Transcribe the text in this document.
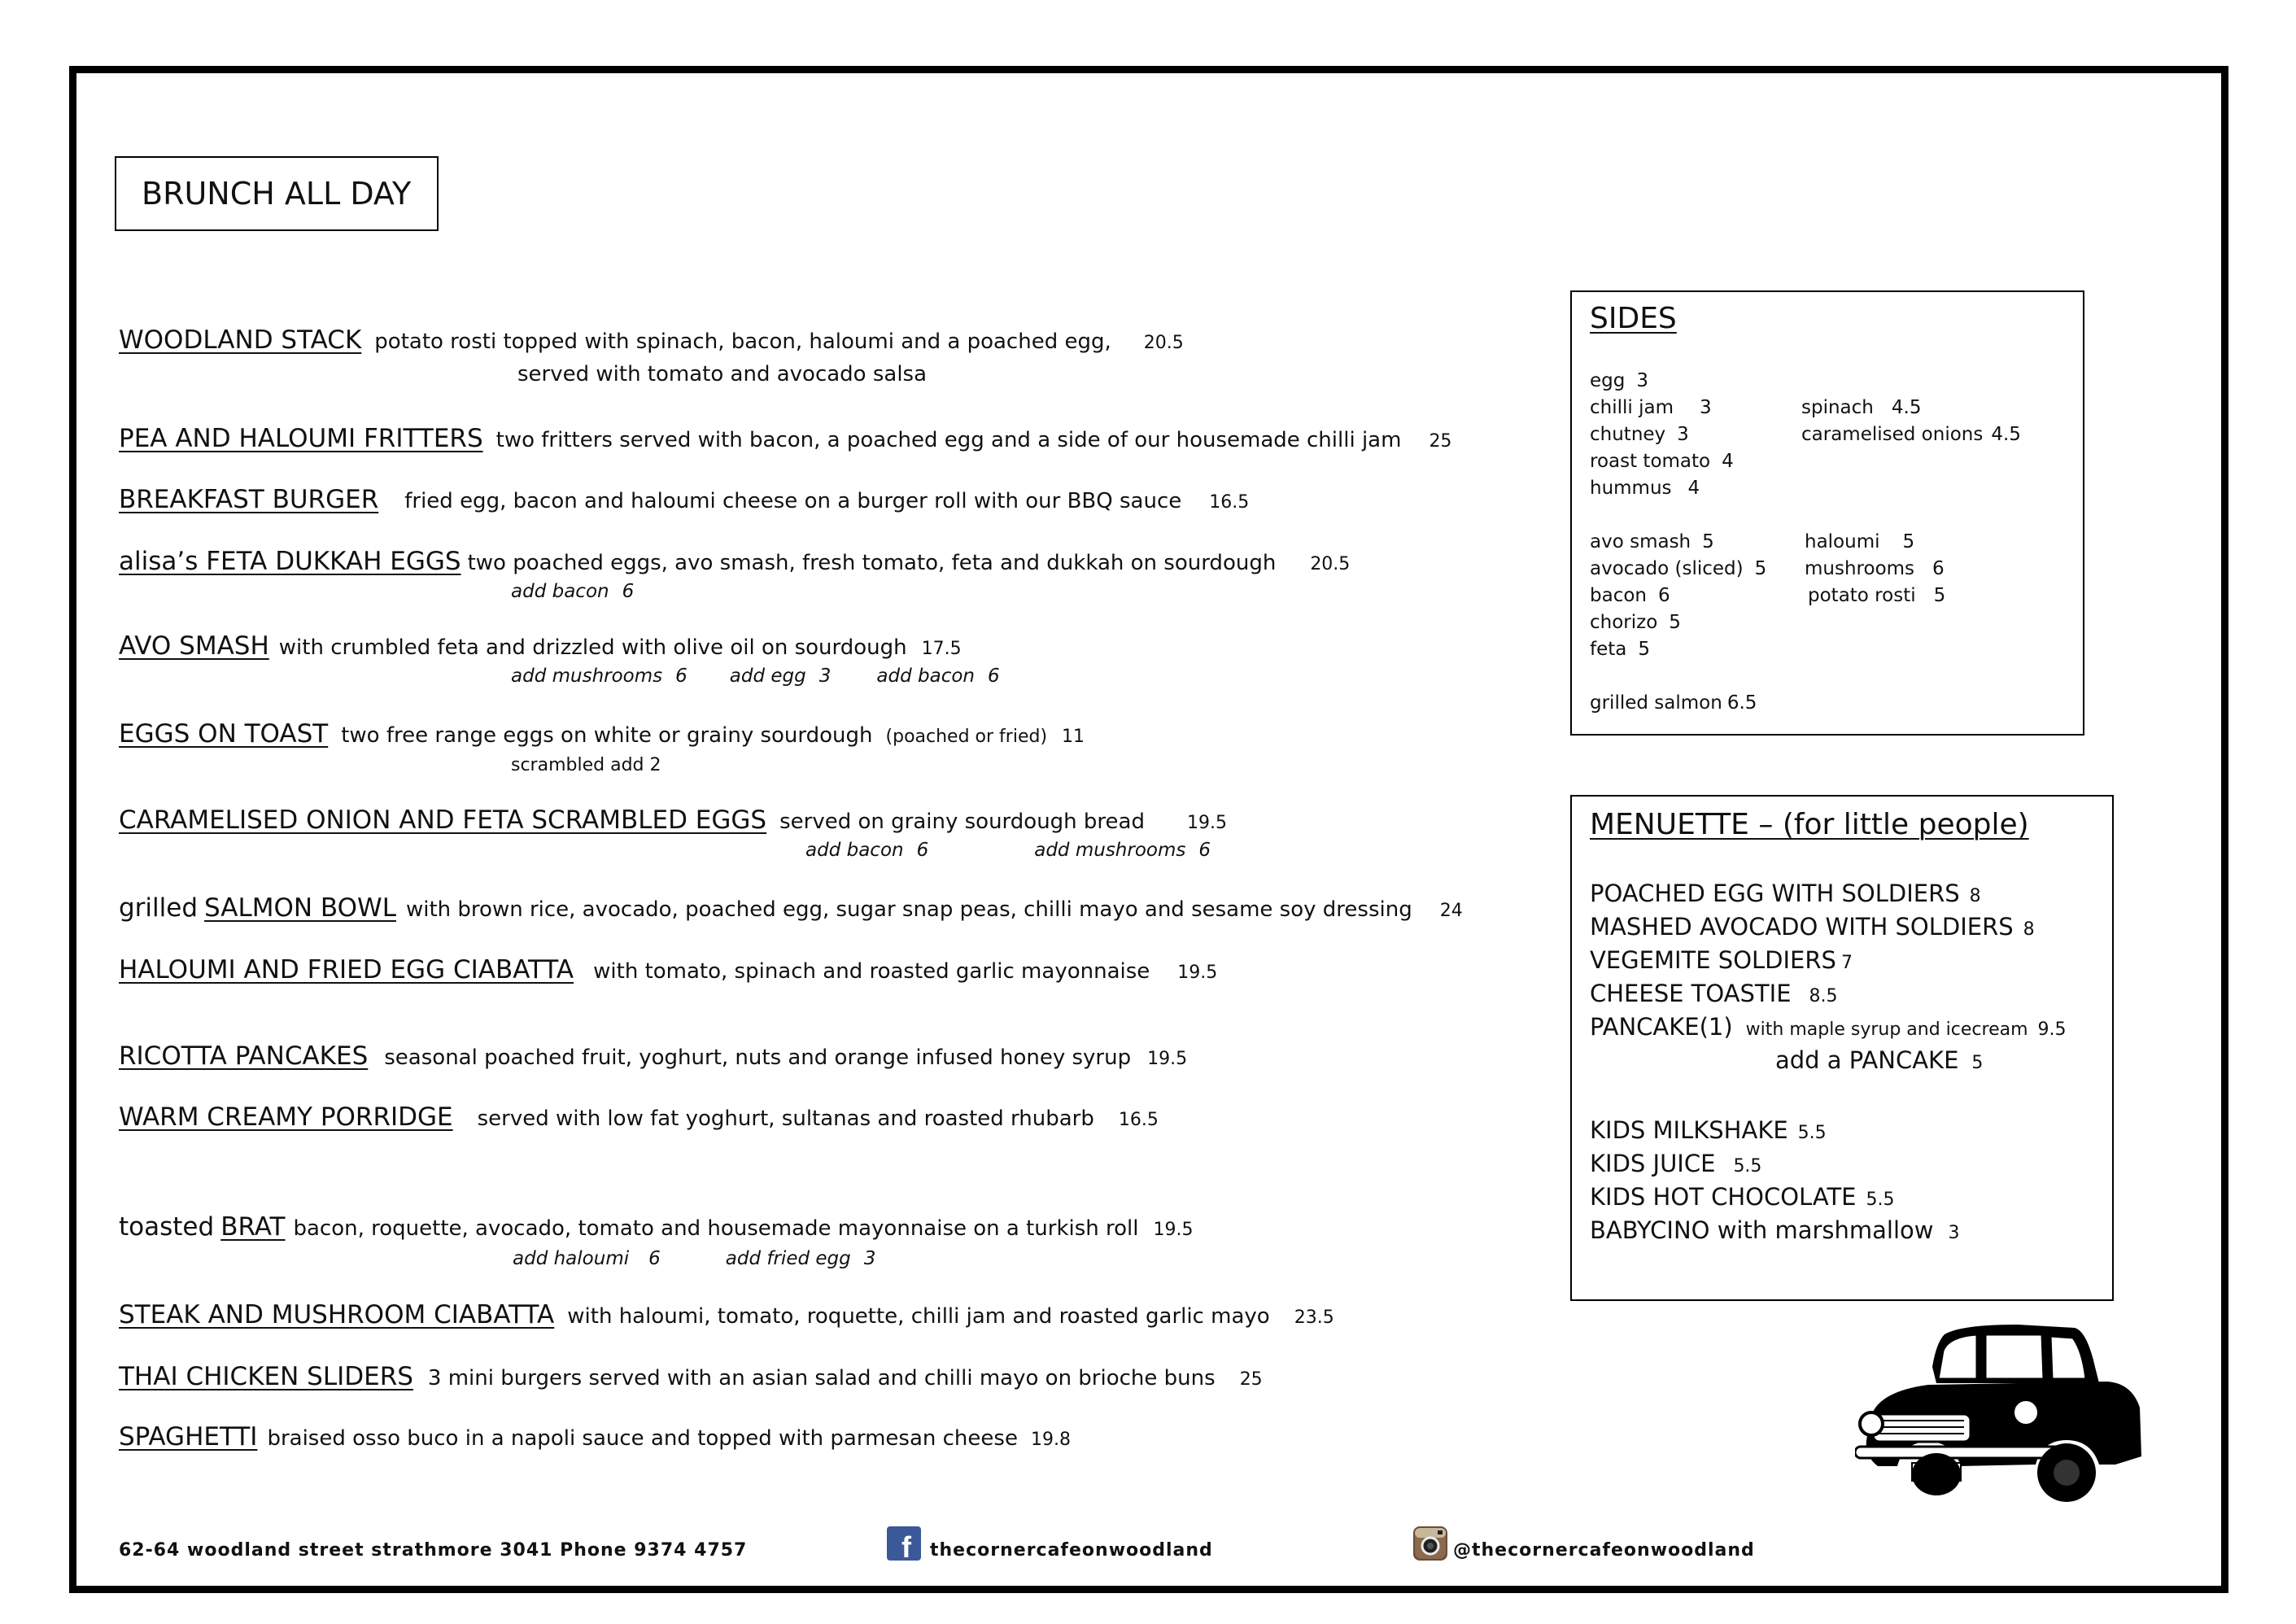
BRUNCH ALL DAY
WOODLAND STACK potato rosti topped with spinach, bacon, haloumi and a poached egg, 20.5
served with tomato and avocado salsa
PEA AND HALOUMI FRITTERS two fritters served with bacon, a poached egg and a side of our housemade chilli jam 25
BREAKFAST BURGER fried egg, bacon and haloumi cheese on a burger roll with our BBQ sauce 16.5
alisa’s FETA DUKKAH EGGS two poached eggs, avo smash, fresh tomato, feta and dukkah on sourdough 20.5
add bacon 6
AVO SMASH with crumbled feta and drizzled with olive oil on sourdough 17.5
add mushrooms 6 add egg 3 add bacon 6
EGGS ON TOAST two free range eggs on white or grainy sourdough (poached or fried) 11
scrambled add 2
CARAMELISED ONION AND FETA SCRAMBLED EGGS served on grainy sourdough bread 19.5
add bacon 6	add mushrooms 6
grilled SALMON BOWL with brown rice, avocado, poached egg, sugar snap peas, chilli mayo and sesame soy dressing 24
HALOUMI AND FRIED EGG CIABATTA with tomato, spinach and roasted garlic mayonnaise 19.5
RICOTTA PANCAKES seasonal poached fruit, yoghurt, nuts and orange infused honey syrup 19.5
WARM CREAMY PORRIDGE served with low fat yoghurt, sultanas and roasted rhubarb 16.5
toasted BRAT bacon, roquette, avocado, tomato and housemade mayonnaise on a turkish roll 19.5
add haloumi 6	add fried egg 3
STEAK AND MUSHROOM CIABATTA with haloumi, tomato, roquette, chilli jam and roasted garlic mayo 23.5
THAI CHICKEN SLIDERS 3 mini burgers served with an asian salad and chilli mayo on brioche buns 25
SPAGHETTI braised osso buco in a napoli sauce and topped with parmesan cheese 19.8
SIDES
egg 3
chilli jam 3
chutney 3
roast tomato 4
hummus 4
avo smash 5
avocado (sliced) 5
bacon 6
chorizo 5
feta 5
grilled salmon 6.5
spinach 4.5
caramelised onions 4.5
haloumi 5
mushrooms 6
potato rosti 5
MENUETTE – (for little people)
POACHED EGG WITH SOLDIERS 8
MASHED AVOCADO WITH SOLDIERS 8
VEGEMITE SOLDIERS 7
CHEESE TOASTIE 8.5
PANCAKE(1) with maple syrup and icecream 9.5
add a PANCAKE 5
KIDS MILKSHAKE 5.5
KIDS JUICE 5.5
KIDS HOT CHOCOLATE 5.5
BABYCINO with marshmallow 3
62-64 woodland street strathmore 3041 Phone 9374 4757	f thecornercafeonwoodland	@thecornercafeonwoodland
